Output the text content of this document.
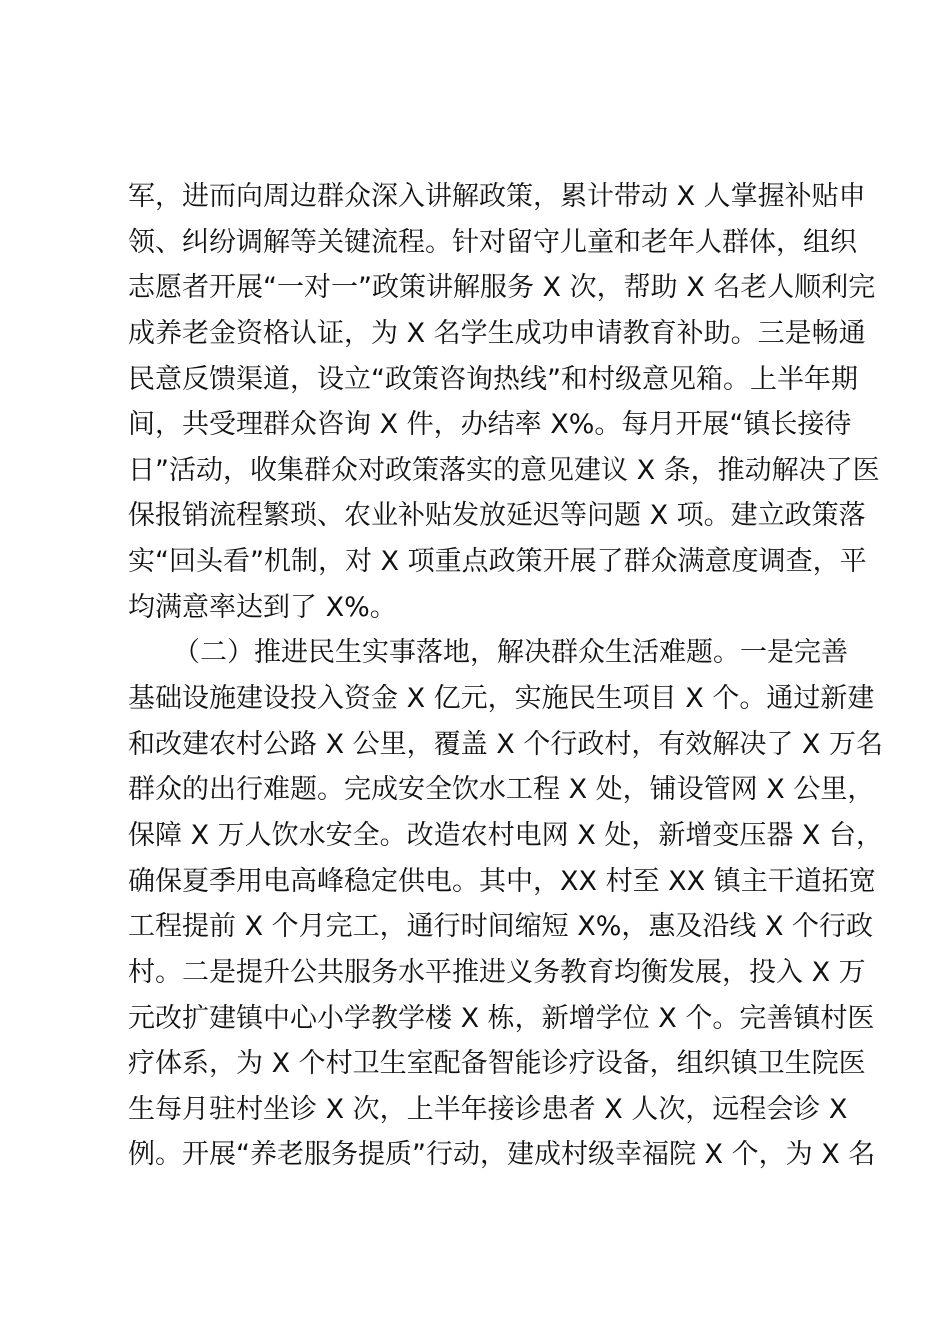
军，进而向周边群众深入讲解政策，累计带动 X 人掌握补贴申
领、纠纷调解等关键流程。针对留守儿童和老年人群体，组织
志愿者开展“一对一”政策讲解服务 X 次，帮助 X 名老人顺利完
成养老金资格认证，为 X 名学生成功申请教育补助。三是畅通
民意反馈渠道，设立“政策咨询热线”和村级意见箱。上半年期
间，共受理群众咨询 X 件，办结率 X%。每月开展“镇长接待
日”活动，收集群众对政策落实的意见建议 X 条，推动解决了医
保报销流程繁琐、农业补贴发放延迟等问题 X 项。建立政策落
实“回头看”机制，对 X 项重点政策开展了群众满意度调查，平
均满意率达到了 X%。
（二）推进民生实事落地，解决群众生活难题。一是完善
基础设施建设投入资金 X 亿元，实施民生项目 X 个。通过新建
和改建农村公路 X 公里，覆盖 X 个行政村，有效解决了 X 万名
群众的出行难题。完成安全饮水工程 X 处，铺设管网 X 公里，
保障 X 万人饮水安全。改造农村电网 X 处，新增变压器 X 台，
确保夏季用电高峰稳定供电。其中，XX 村至 XX 镇主干道拓宽
工程提前 X 个月完工，通行时间缩短 X%，惠及沿线 X 个行政
村。二是提升公共服务水平推进义务教育均衡发展，投入 X 万
元改扩建镇中心小学教学楼 X 栋，新增学位 X 个。完善镇村医
疗体系，为 X 个村卫生室配备智能诊疗设备，组织镇卫生院医
生每月驻村坐诊 X 次，上半年接诊患者 X 人次，远程会诊 X
例。开展“养老服务提质”行动，建成村级幸福院 X 个，为 X 名
